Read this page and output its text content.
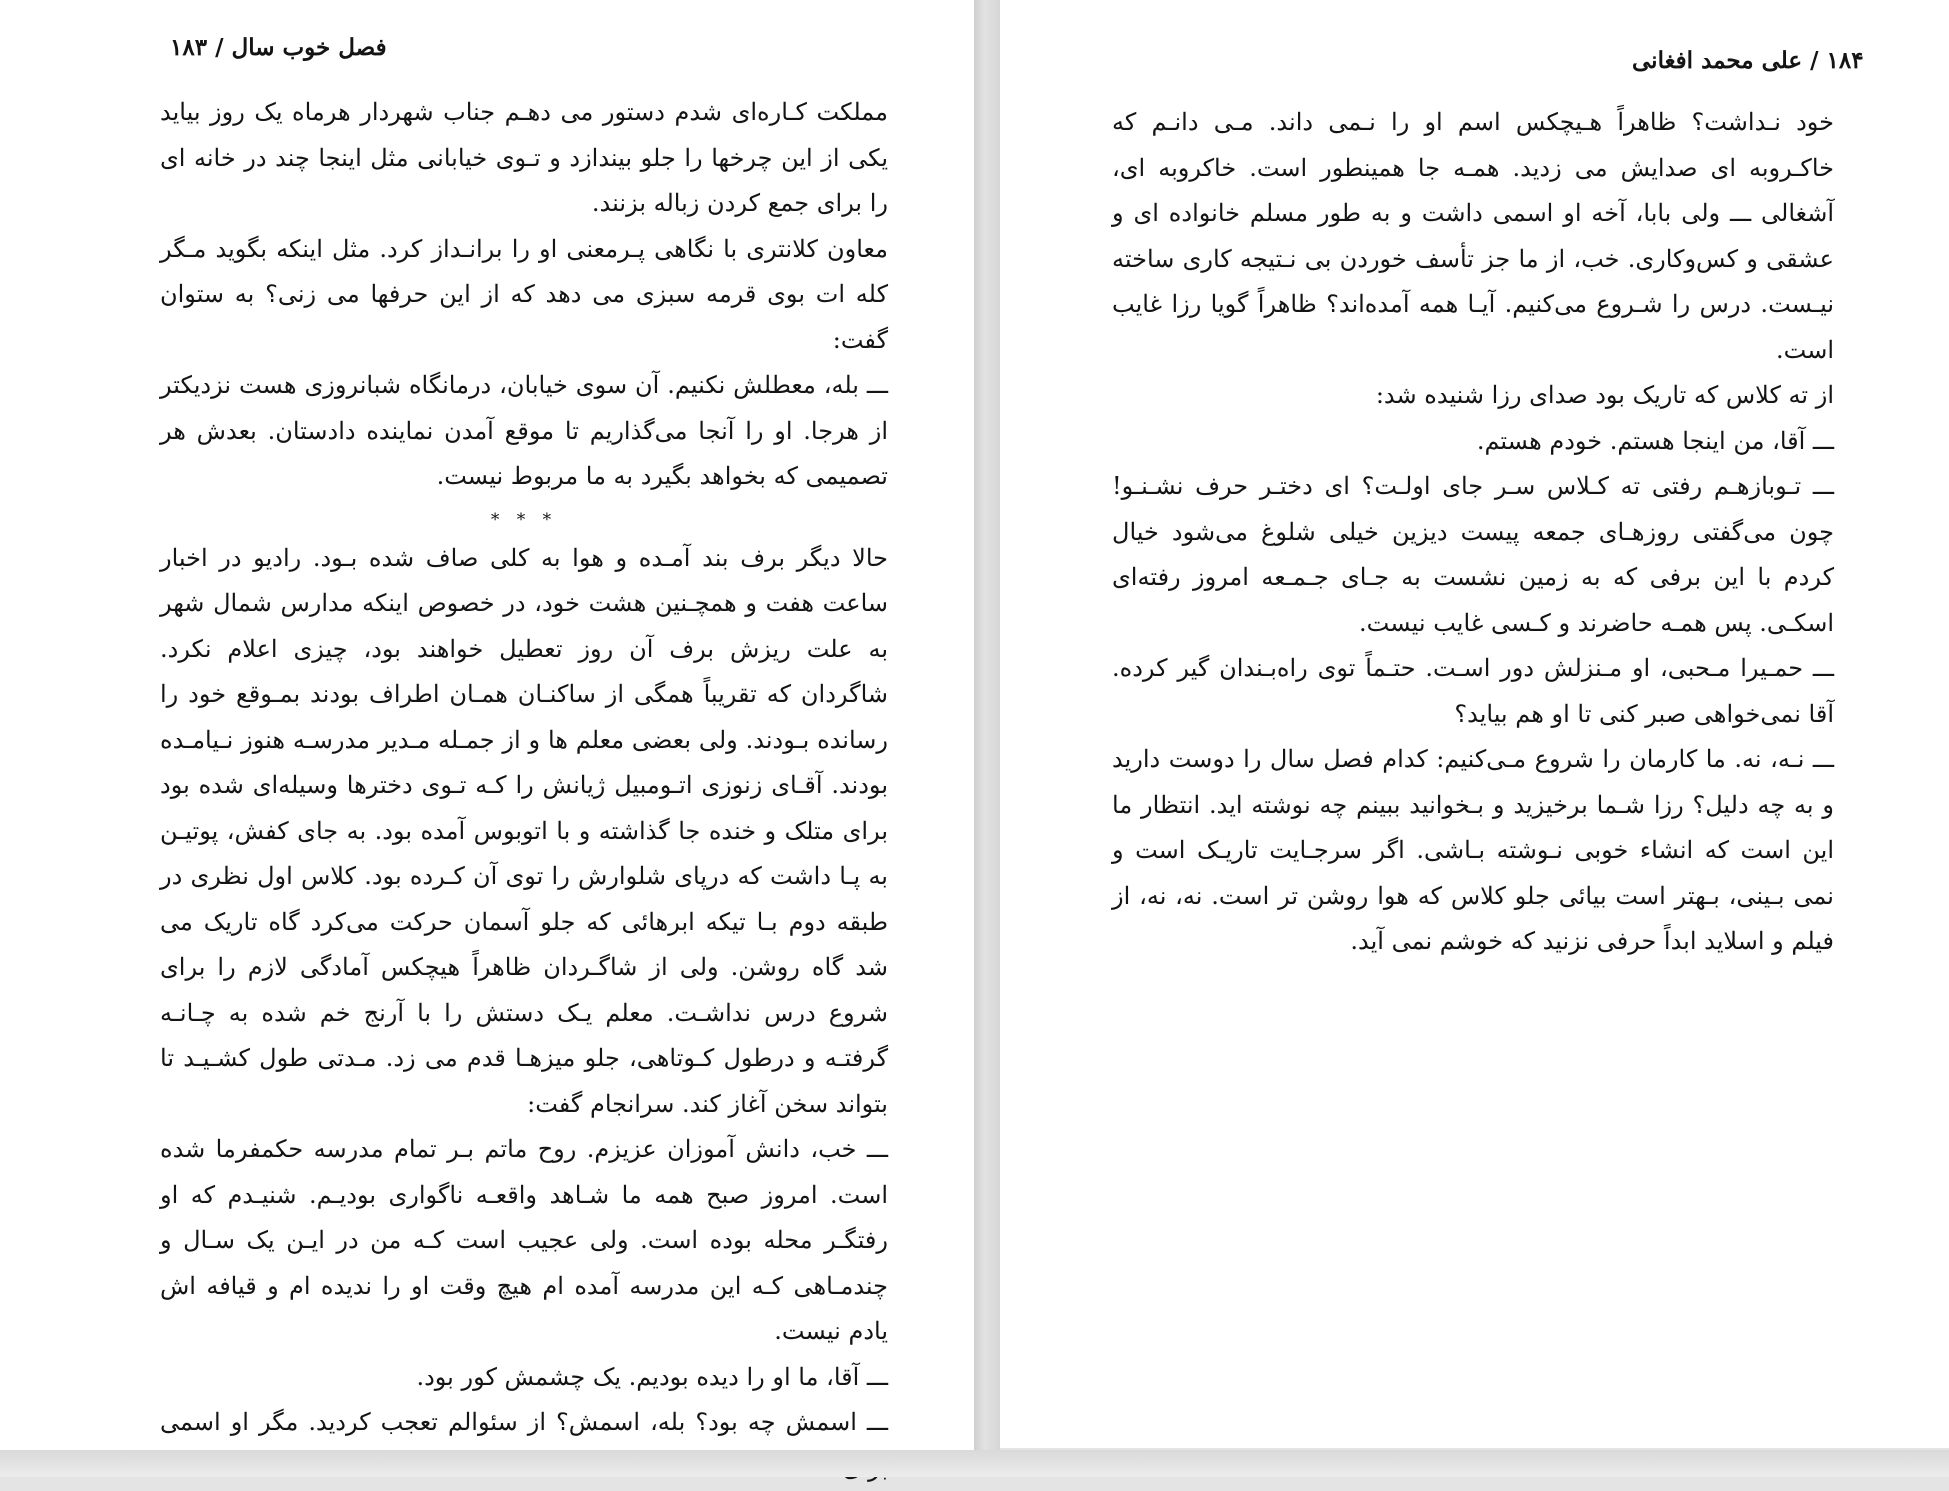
فصل خوب سال / ۱۸۳

مملکت کـاره‌ای شدم دستور می دهـم جناب شهردار هرماه یک روز بیاید یکی از این چرخها را جلو بیندازد و تـوی خیابانی مثل اینجا چند در خانه ای را برای جمع کردن زباله بزنند.

معاون کلانتری با نگاهی پـرمعنی او را برانـداز کرد. مثل اینکه بگوید مـگر کله ات بوی قرمه سبزی می دهد که از این حرفها می زنی؟ به ستوان گفت:

ـــ بله، معطلش نکنیم. آن سوی خیابان، درمانگاه شبانروزی هست نزدیکتر از هرجا. او را آنجا می‌گذاریم تا موقع آمدن نماینده دادستان. بعدش هر تصمیمی که بخواهد بگیرد به ما مربوط نیست.

* * *

حالا دیگر برف بند آمـده و هوا به کلی صاف شده بـود. رادیو در اخبار ساعت هفت و همچـنین هشت خود، در خصوص اینکه مدارس شمال شهر به علت ریزش برف آن روز تعطیل خواهند بود، چیزی اعلام نکرد. شاگردان که تقریباً همگی از ساکنـان همـان اطراف بودند بمـوقع خود را رسانده بـودند. ولی بعضی معلم ها و از جمـله مـدیر مدرسـه هنوز نـیامـده بودند. آقـای زنوزی اتـومبیل ژیانش را کـه تـوی دخترها وسیله‌ای شده بود برای متلک و خنده جا گذاشته و با اتوبوس آمده بود. به جای کفش، پوتیـن به پـا داشت که درپای شلوارش را توی آن کـرده بود. کلاس اول نظری در طبقه دوم بـا تیکه ابرهائی که جلو آسمان حرکت می‌کرد گاه تاریک می شد گاه روشن. ولی از شاگـردان ظاهراً هیچکس آمادگی لازم را برای شروع درس نداشـت. معلم یـک دستش را با آرنج خم شده به چـانـه گرفتـه و درطول کـوتاهی، جلو میزهـا قدم می زد. مـدتی طول کشـیـد تا بتواند سخن آغاز کند. سرانجام گفت:

ـــ خب، دانش آموزان عزیزم. روح ماتم بـر تمام مدرسه حکمفرما شده است. امروز صبح همه ما شـاهد واقعـه ناگواری بودیـم. شنیـدم که او رفتگـر محله بوده است. ولی عجیب است کـه من در ایـن یک سـال و چندمـاهی کـه این مدرسه آمده ام هیچ وقت او را ندیده ام و قیافه اش یادم نیست.

ـــ آقا، ما او را دیده بودیم. یک چشمش کور بود.

ـــ اسمش چه بود؟ بله، اسمش؟ از سئوالم تعجب کردید. مگر او اسمی

۱۸۴ / علی محمد افغانی

خود نـداشت؟ ظاهراً هـیچکس اسم او را نـمی داند. مـی دانـم که خاکـروبه ای صدایش می زدید. همـه جا همینطور است. خاکروبه ای، آشغالی ـــ ولی بابا، آخه او اسمی داشت و به طور مسلم خانواده ای و عشقی و کس‌وکاری. خب، از ما جز تأسف خوردن بی نـتیجه کاری ساخته نیـست. درس را شـروع می‌کنیم. آیـا همه آمده‌اند؟ ظاهراً گویا رزا غایب است.

از ته کلاس که تاریک بود صدای رزا شنیده شد:

ـــ آقا، من اینجا هستم. خودم هستم.

ـــ تـوبازهـم رفتی ته کـلاس سـر جای اولـت؟ ای دختـر حرف نشـنـو! چون می‌گفتی روزهـای جمعه پیست دیزین خیلی شلوغ می‌شود خیال کردم با این برفی که به زمین نشست به جـای جـمـعه امروز رفته‌ای اسکـی. پس همـه حاضرند و کـسی غایب نیست.

ـــ حمـیرا مـحبی، او مـنزلش دور اسـت. حتـماً توی راه‌بـندان گیر کرده. آقا نمی‌خواهی صبر کنی تا او هم بیاید؟

ـــ نـه، نه. ما کارمان را شروع مـی‌کنیم: کدام فصل سال را دوست دارید و به چه دلیل؟ رزا شـما برخیزید و بـخوانید ببینم چه نوشته اید. انتظار ما این است که انشاء خوبی نـوشته بـاشی. اگر سرجـایت تاریـک است و نمی بـینی، بـهتر است بیائی جلو کلاس که هوا روشن تر است. نه، نه، از فیلم و اسلاید ابداً حرفی نزنید که خوشم نمی آید.
